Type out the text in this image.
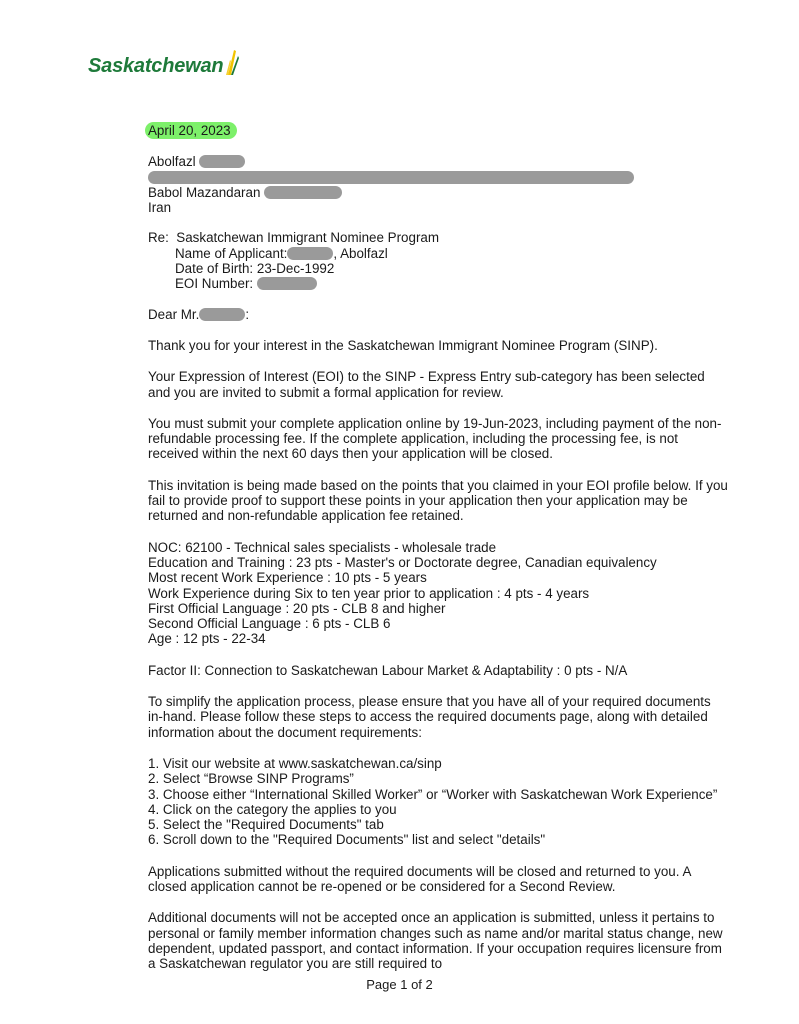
Saskatchewan

April 20, 2023

Abolfazl

Babol Mazandaran

Iran

Re: Saskatchewan Immigrant Nominee Program

Name of Applicant:	, Abolfazl

Date of Birth: 23-Dec-1992

EOI Number:

Dear Mr.	:

Thank you for your interest in the Saskatchewan Immigrant Nominee Program (SINP).

Your Expression of Interest (EOI) to the SINP - Express Entry sub-category has been selected and you are invited to submit a formal application for review.

You must submit your complete application online by 19-Jun-2023, including payment of the non-refundable processing fee. If the complete application, including the processing fee, is not received within the next 60 days then your application will be closed.

This invitation is being made based on the points that you claimed in your EOI profile below. If you fail to provide proof to support these points in your application then your application may be returned and non-refundable application fee retained.

NOC: 62100 - Technical sales specialists - wholesale trade

Education and Training : 23 pts - Master's or Doctorate degree, Canadian equivalency

Most recent Work Experience : 10 pts - 5 years

Work Experience during Six to ten year prior to application : 4 pts - 4 years

First Official Language : 20 pts - CLB 8 and higher

Second Official Language : 6 pts - CLB 6

Age : 12 pts - 22-34

Factor II: Connection to Saskatchewan Labour Market & Adaptability : 0 pts - N/A

To simplify the application process, please ensure that you have all of your required documents in-hand. Please follow these steps to access the required documents page, along with detailed information about the document requirements:

1. Visit our website at www.saskatchewan.ca/sinp
2. Select “Browse SINP Programs”
3. Choose either “International Skilled Worker” or “Worker with Saskatchewan Work Experience”
4. Click on the category the applies to you
5. Select the "Required Documents" tab
6. Scroll down to the "Required Documents" list and select "details"

Applications submitted without the required documents will be closed and returned to you. A closed application cannot be re-opened or be considered for a Second Review.

Additional documents will not be accepted once an application is submitted, unless it pertains to personal or family member information changes such as name and/or marital status change, new dependent, updated passport, and contact information. If your occupation requires licensure from a Saskatchewan regulator you are still required to

Page 1 of 2
